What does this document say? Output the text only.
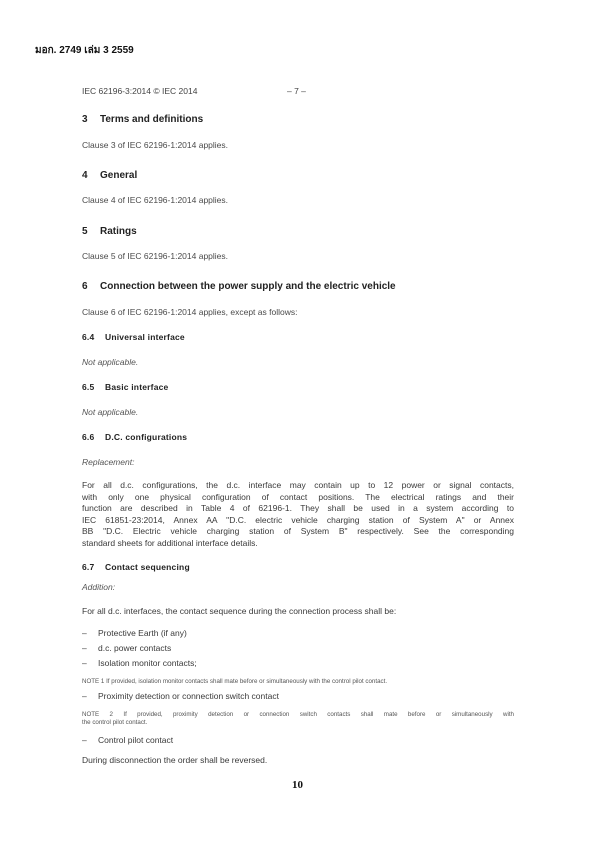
มอก. 2749 เล่ม 3 2559
IEC 62196-3:2014 © IEC 2014	– 7 –
3 Terms and definitions
Clause 3 of IEC 62196-1:2014 applies.
4 General
Clause 4 of IEC 62196-1:2014 applies.
5 Ratings
Clause 5 of IEC 62196-1:2014 applies.
6 Connection between the power supply and the electric vehicle
Clause 6 of IEC 62196-1:2014 applies, except as follows:
6.4 Universal interface
Not applicable.
6.5 Basic interface
Not applicable.
6.6 D.C. configurations
Replacement:
For all d.c. configurations, the d.c. interface may contain up to 12 power or signal contacts,
with only one physical configuration of contact positions. The electrical ratings and their
function are described in Table 4 of 62196-1. They shall be used in a system according to
IEC 61851-23:2014, Annex AA "D.C. electric vehicle charging station of System A" or Annex
BB "D.C. Electric vehicle charging station of System B" respectively. See the corresponding
standard sheets for additional interface details.
6.7 Contact sequencing
Addition:
For all d.c. interfaces, the contact sequence during the connection process shall be:
– Protective Earth (if any)
– d.c. power contacts
– Isolation monitor contacts;
NOTE 1 If provided, isolation monitor contacts shall mate before or simultaneously with the control pilot contact.
– Proximity detection or connection switch contact
NOTE 2 If provided, proximity detection or connection switch contacts shall mate before or simultaneously with
the control pilot contact.
– Control pilot contact
During disconnection the order shall be reversed.
10
